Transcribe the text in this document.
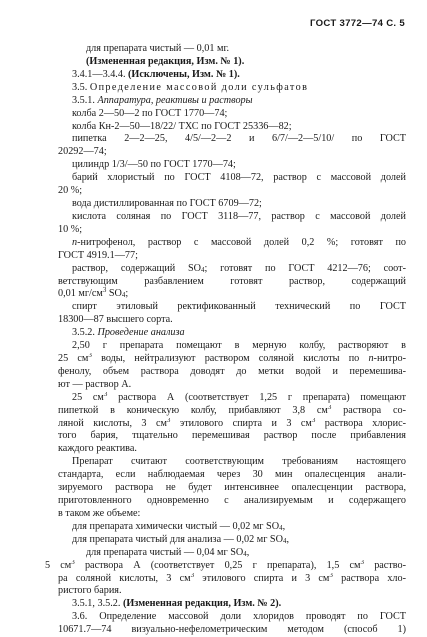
ГОСТ 3772—74 С. 5
для препарата чистый — 0,01 мг.
(Измененная редакция, Изм. № 1).
3.4.1—3.4.4. (Исключены, Изм. № 1).
3.5. Определение массовой доли сульфатов
3.5.1. Аппаратура, реактивы и растворы
колба 2—50—2 по ГОСТ 1770—74;
колба Кн-2—50—18/22/ ТХС по ГОСТ 25336—82;
пипетка 2—2—25, 4/5/—2—2 и 6/7/—2—5/10/ по ГОСТ
20292—74;
цилиндр 1/3/—50 по ГОСТ 1770—74;
барий хлористый по ГОСТ 4108—72, раствор с массовой долей
20 %;
вода дистиллированная по ГОСТ 6709—72;
кислота соляная по ГОСТ 3118—77, раствор с массовой долей
10 %;
п-нитрофенол, раствор с массовой долей 0,2 %; готовят по
ГОСТ 4919.1—77;
раствор, содержащий $SO_4$; готовят по ГОСТ 4212—76; соот-
ветствующим разбавлением готовят раствор, содержащий
0,01 $мг/см^3$ $SO_4$;
спирт этиловый ректификованный технический по ГОСТ
18300—87 высшего сорта.
3.5.2. Проведение анализа
2,50 г препарата помещают в мерную колбу, растворяют в
25 $см^3$ воды, нейтрализуют раствором соляной кислоты по п-нитро-
фенолу, объем раствора доводят до метки водой и перемешива-
ют — раствор А.
25 $см^3$ раствора А (соответствует 1,25 г препарата) помещают
пипеткой в коническую колбу, прибавляют 3,8 $см^3$ раствора со-
ляной кислоты, 3 $см^3$ этилового спирта и 3 $см^3$ раствора хлорис-
того бария, тщательно перемешивая раствор после прибавления
каждого реактива.
Препарат считают соответствующим требованиям настоящего
стандарта, если наблюдаемая через 30 мин опалесценция анали-
зируемого раствора не будет интенсивнее опалесценции раствора,
приготовленного одновременно с анализируемым и содержащего
в таком же объеме:
для препарата химически чистый — 0,02 мг $SO_4$,
для препарата чистый для анализа — 0,02 мг $SO_4$,
для препарата чистый — 0,04 мг $SO_4$,
5 $см^3$ раствора А (соответствует 0,25 г препарата), 1,5 $см^3$ раство-
ра соляной кислоты, 3 $см^3$ этилового спирта и 3 $см^3$ раствора хло-
ристого бария.
3.5.1, 3.5.2. (Измененная редакция, Изм. № 2).
3.6. Определение массовой доли хлоридов проводят по ГОСТ
10671.7—74 визуально-нефелометрическим методом (способ 1)
